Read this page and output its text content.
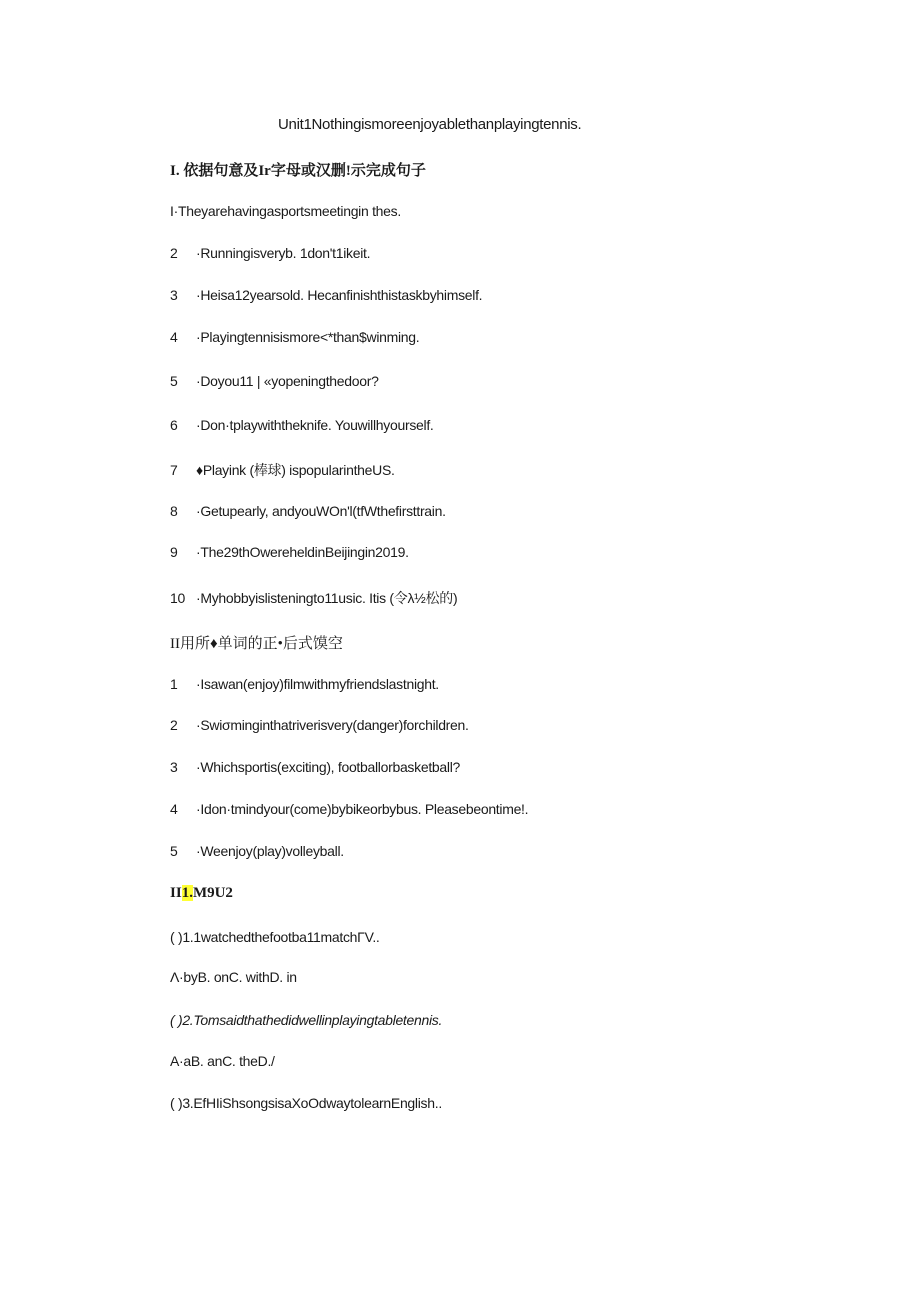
Unit1Nothingismoreenjoyablethanplayingtennis.
I. 依据句意及Ir字母或汉删!示完成句子
I·Theyarehavingasportsmeetingin thes.
2 ·Runningisveryb. 1don't1ikeit.
3 ·Heisa12yearsold. Hecanfinishthistaskbyhimself.
4 ·Playingtennisismore<*than$winming.
5 ·Doyou11 | «yopeningthedoor?
6 ·Don·tplaywiththeknife. Youwillhyourself.
7 ♦Playink (棒球) ispopularintheUS.
8 ·Getupearly, andyouWOn'l(tfWthefirsttrain.
9 ·The29thOwereheldinBeijingin2019.
10 ·Myhobbyislisteningto11usic. Itis (令λ½松的)
II用所♦单词的正•后式馍空
1 ·Isawan(enjoy)filmwithmyfriendslastnight.
2 ·Swiσminginthatriverisvery(danger)forchildren.
3 ·Whichsportis(exciting), footballorbasketball?
4 ·Idon·tmindyour(come)bybikeorbybus. Pleasebeontime!.
5 ·Weenjoy(play)volleyball.
II1.M9U2
( )1.1watchedthefootba11matchΓV..
Λ·byB. onC. withD. in
( )2.Tomsaidthathedidwellinplayingtabletennis.
A·aB. anC. theD./
( )3.EfHIiShsongsisaXoOdwaytolearnEnglish..
